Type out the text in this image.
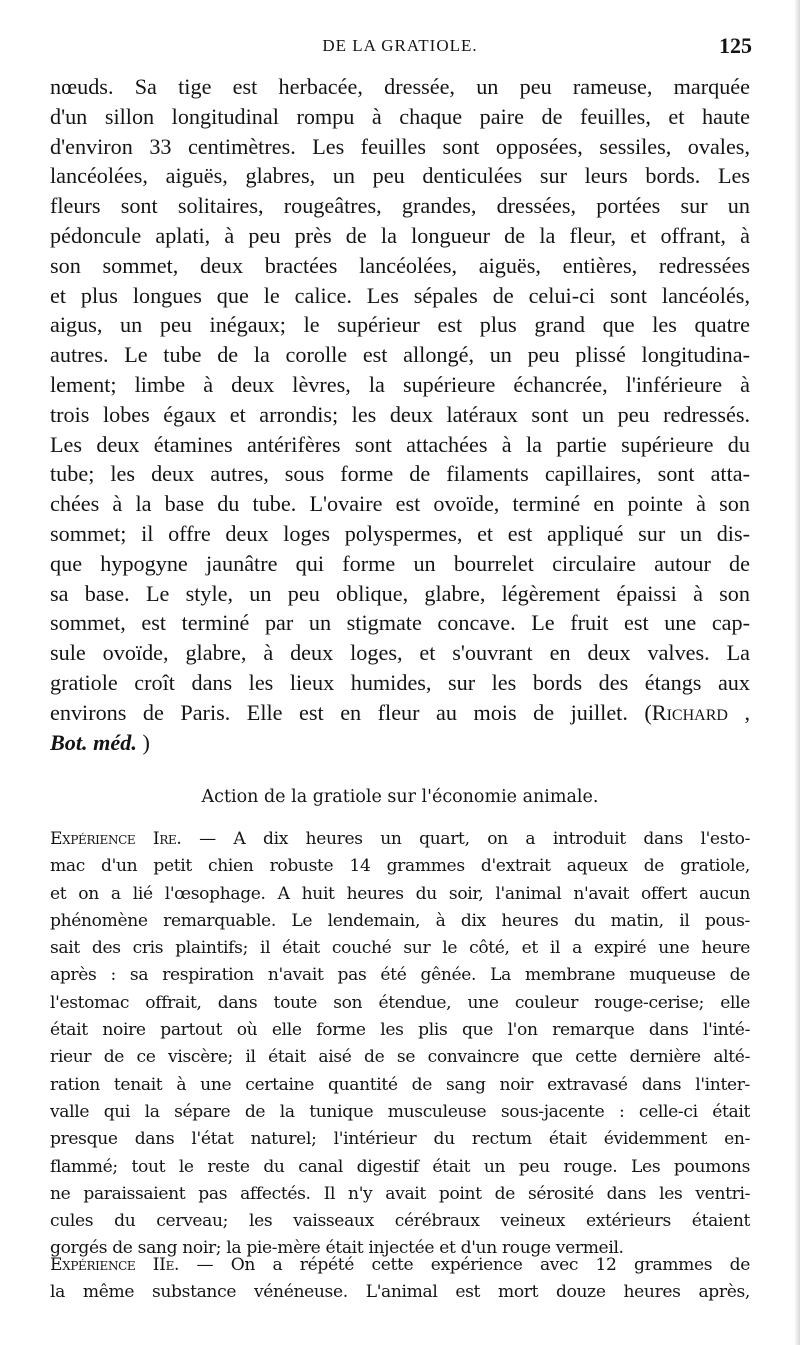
DE LA GRATIOLE.	125
nœuds. Sa tige est herbacée, dressée, un peu rameuse, marquée
d'un sillon longitudinal rompu à chaque paire de feuilles, et haute
d'environ 33 centimètres. Les feuilles sont opposées, sessiles, ovales,
lancéolées, aiguës, glabres, un peu denticulées sur leurs bords. Les
fleurs sont solitaires, rougeâtres, grandes, dressées, portées sur un
pédoncule aplati, à peu près de la longueur de la fleur, et offrant, à
son sommet, deux bractées lancéolées, aiguës, entières, redressées
et plus longues que le calice. Les sépales de celui-ci sont lancéolés,
aigus, un peu inégaux; le supérieur est plus grand que les quatre
autres. Le tube de la corolle est allongé, un peu plissé longitudina-
lement; limbe à deux lèvres, la supérieure échancrée, l'inférieure à
trois lobes égaux et arrondis; les deux latéraux sont un peu redressés.
Les deux étamines antérifères sont attachées à la partie supérieure du
tube; les deux autres, sous forme de filaments capillaires, sont atta-
chées à la base du tube. L'ovaire est ovoïde, terminé en pointe à son
sommet; il offre deux loges polyspermes, et est appliqué sur un dis-
que hypogyne jaunâtre qui forme un bourrelet circulaire autour de
sa base. Le style, un peu oblique, glabre, légèrement épaissi à son
sommet, est terminé par un stigmate concave. Le fruit est une cap-
sule ovoïde, glabre, à deux loges, et s'ouvrant en deux valves. La
gratiole croît dans les lieux humides, sur les bords des étangs aux
environs de Paris. Elle est en fleur au mois de juillet. (Richard ,
Bot. méd. )
Action de la gratiole sur l'économie animale.
Expérience Ire. — A dix heures un quart, on a introduit dans l'esto-
mac d'un petit chien robuste 14 grammes d'extrait aqueux de gratiole,
et on a lié l'œsophage. A huit heures du soir, l'animal n'avait offert aucun
phénomène remarquable. Le lendemain, à dix heures du matin, il pous-
sait des cris plaintifs; il était couché sur le côté, et il a expiré une heure
après : sa respiration n'avait pas été gênée. La membrane muqueuse de
l'estomac offrait, dans toute son étendue, une couleur rouge-cerise; elle
était noire partout où elle forme les plis que l'on remarque dans l'inté-
rieur de ce viscère; il était aisé de se convaincre que cette dernière alté-
ration tenait à une certaine quantité de sang noir extravasé dans l'inter-
valle qui la sépare de la tunique musculeuse sous-jacente : celle-ci était
presque dans l'état naturel; l'intérieur du rectum était évidemment en-
flammé; tout le reste du canal digestif était un peu rouge. Les poumons
ne paraissaient pas affectés. Il n'y avait point de sérosité dans les ventri-
cules du cerveau; les vaisseaux cérébraux veineux extérieurs étaient
gorgés de sang noir; la pie-mère était injectée et d'un rouge vermeil.
Expérience IIe. — On a répété cette expérience avec 12 grammes de
la même substance vénéneuse. L'animal est mort douze heures après,
